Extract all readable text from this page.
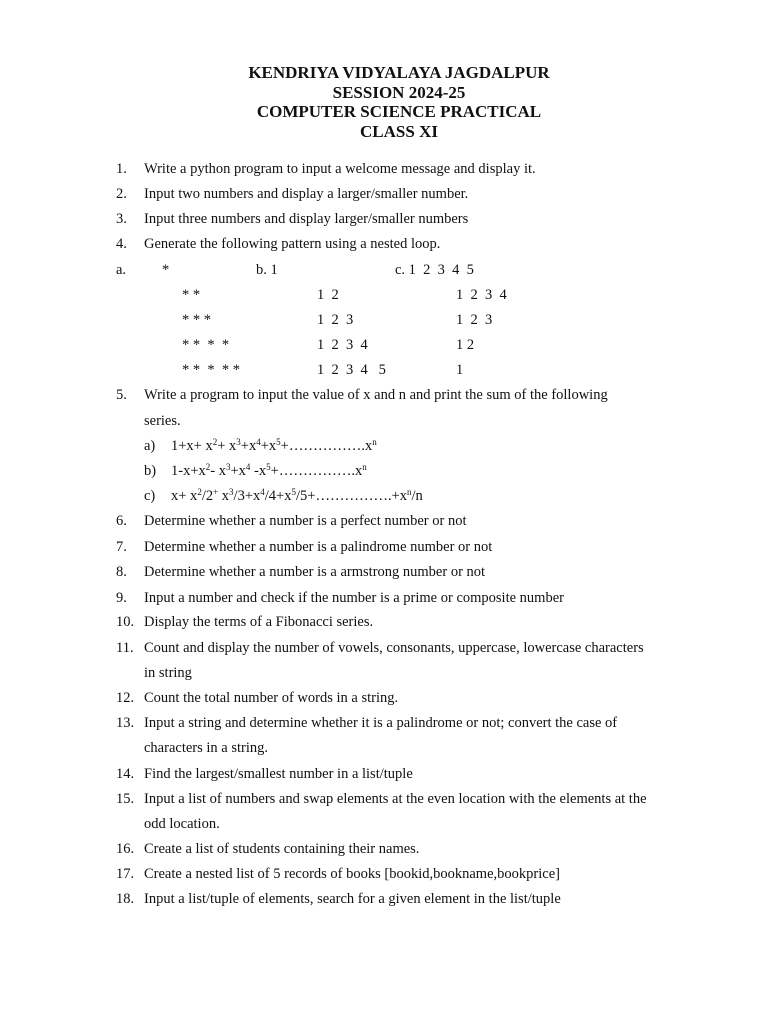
KENDRIYA VIDYALAYA JAGDALPUR
SESSION 2024-25
COMPUTER SCIENCE PRACTICAL
CLASS XI
1. Write a python program to input a welcome message and display it.
2. Input two numbers and display a larger/smaller number.
3. Input three numbers and display larger/smaller numbers
4. Generate the following pattern using a nested loop.
a. *
* *
* * *
* *  *  *
* *  *  * *
b. 1
1  2
1  2  3
1  2  3  4
1  2  3  4   5
c. 1  2  3  4  5
1  2  3  4
1  2  3
1 2
1
5. Write a program to input the value of x and n and print the sum of the following
series.
a) $1+x+ x^2+$ $x^3+x^4+x^5+\dots\dots\dots\dots\dots.x^n$
b) $1-x+x^2-$ $x^3+x^4$ $-x^5+\dots\dots\dots\dots\dots.x^n$
c) $x+ x^2/2^+$ $x^3/3+x^4/4+x^5/5+\dots\dots\dots\dots\dots.+x^n/n$
6. Determine whether a number is a perfect number or not
7. Determine whether a number is a palindrome number or not
8. Determine whether a number is a armstrong number or not
9. Input a number and check if the number is a prime or composite number
10. Display the terms of a Fibonacci series.
11. Count and display the number of vowels, consonants, uppercase, lowercase characters
in string
12. Count the total number of words in a string.
13. Input a string and determine whether it is a palindrome or not; convert the case of
characters in a string.
14. Find the largest/smallest number in a list/tuple
15. Input a list of numbers and swap elements at the even location with the elements at the
odd location.
16. Create a list of students containing their names.
17. Create a nested list of 5 records of books [bookid,bookname,bookprice]
18. Input a list/tuple of elements, search for a given element in the list/tuple
